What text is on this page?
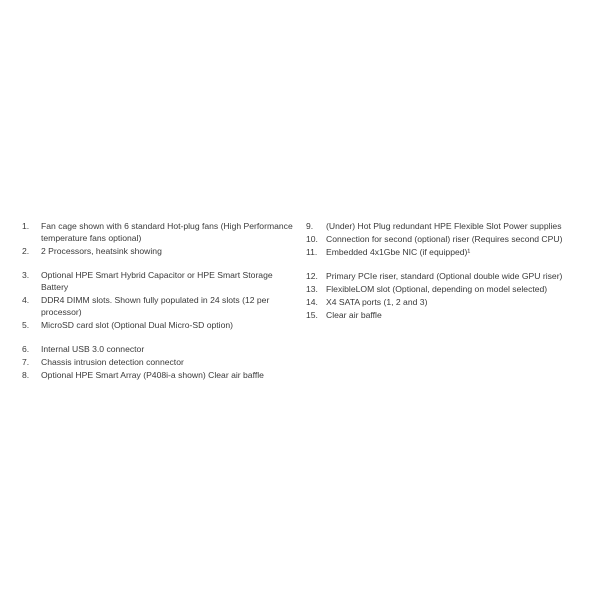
1. Fan cage shown with 6 standard Hot-plug fans (High Performance temperature fans optional)
2. 2 Processors, heatsink showing
3. Optional HPE Smart Hybrid Capacitor or HPE Smart Storage Battery
4. DDR4 DIMM slots. Shown fully populated in 24 slots (12 per processor)
5. MicroSD card slot (Optional Dual Micro-SD option)
6. Internal USB 3.0 connector
7. Chassis intrusion detection connector
8. Optional HPE Smart Array (P408i-a shown) Clear air baffle
9. (Under) Hot Plug redundant HPE Flexible Slot Power supplies
10. Connection for second (optional) riser (Requires second CPU)
11. Embedded 4x1Gbe NIC (if equipped)¹
12. Primary PCIe riser, standard (Optional double wide GPU riser)
13. FlexibleLOM slot (Optional, depending on model selected)
14. X4 SATA ports (1, 2 and 3)
15. Clear air baffle
